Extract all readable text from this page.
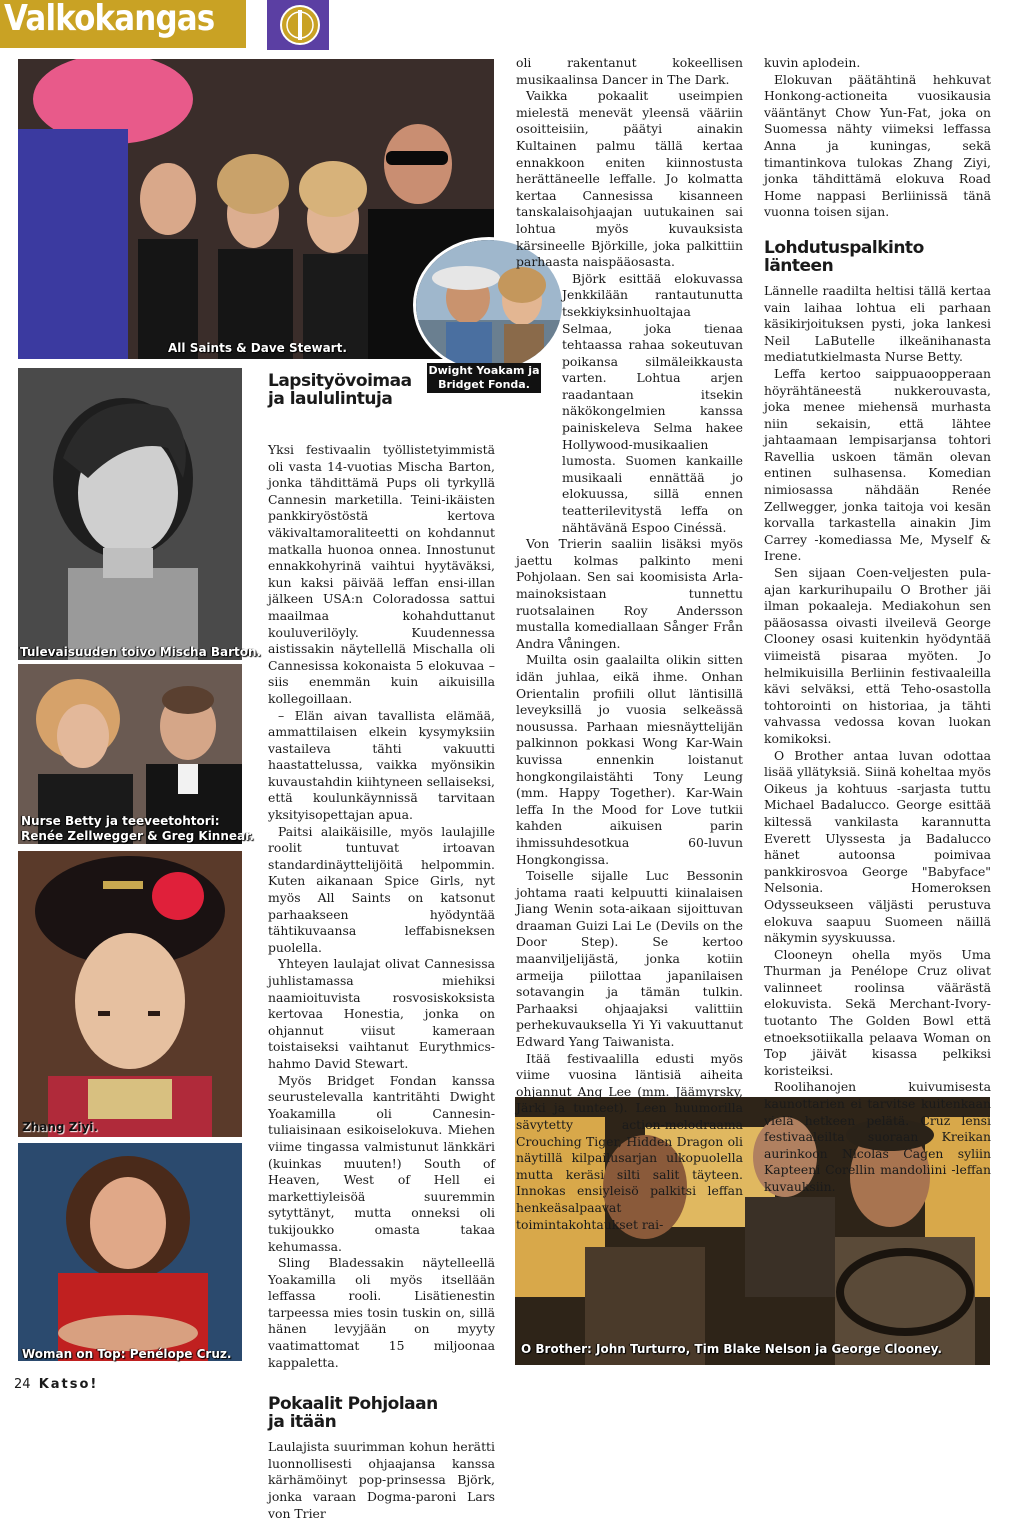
Valkokangas
All Saints & Dave Stewart.
Dwight Yoakam ja
Bridget Fonda.
Tulevaisuuden toivo Mischa Barton.
Nurse Betty ja teeveetohtori:
Renée Zellwegger & Greg Kinnear.
Zhang Ziyi.
Woman on Top: Penélope Cruz.	O Brother: John Turturro, Tim Blake Nelson ja George Clooney.
Lapsityövoimaa
ja laululintuja

Yksi festivaalin työllistetyimmistä oli vasta 14-vuotias Mischa Barton, jonka tähdittämä Pups oli tyrkyllä Cannesin marketilla. Teini-ikäisten pankkiryöstöstä kertova väkivaltamoraliteetti on kohdannut matkalla huonoa onnea. Innostunut ennakkohyrinä vaihtui hyytäväksi, kun kaksi päivää leffan ensi-illan jälkeen USA:n Coloradossa sattui maailmaa kohahduttanut kouluverilöyly. Kuudennessa aistissakin näytellellä Mischalla oli Cannesissa kokonaista 5 elokuvaa – siis enemmän kuin aikuisilla kollegoillaan.

– Elän aivan tavallista elämää, ammattilaisen elkein kysymyksiin vastaileva tähti vakuutti haastattelussa, vaikka myönsikin kuvaustahdin kiihtyneen sellaiseksi, että koulunkäynnissä tarvitaan yksityisopettajan apua.

Paitsi alaikäisille, myös laulajille roolit tuntuvat irtoavan standardinäyttelijöitä helpommin. Kuten aikanaan Spice Girls, nyt myös All Saints on katsonut parhaakseen hyödyntää tähtikuvaansa leffabisneksen puolella.

Yhteyen laulajat olivat Cannesissa juhlistamassa miehiksi naamioituvista rosvosiskoksista kertovaa Honestia, jonka on ohjannut viisut kameraan toistaiseksi vaihtanut Eurythmics-hahmo David Stewart.

Myös Bridget Fondan kanssa seurustelevalla kantritähti Dwight Yoakamilla oli Cannesin-tuliaisinaan esikoiselokuva. Miehen viime tingassa valmistunut länkkäri (kuinkas muuten!) South of Heaven, West of Hell ei markettiyleisöä suuremmin sytyttänyt, mutta onneksi oli tukijoukko omasta takaa kehumassa.

Sling Bladessakin näytelleellä Yoakamilla oli myös itsellään leffassa rooli. Lisätienestin tarpeessa mies tosin tuskin on, sillä hänen levyjään on myyty vaatimattomat 15 miljoonaa kappaletta.

Pokaalit Pohjolaan
ja itään

Laulajista suurimman kohun herätti luonnollisesti ohjaajansa kanssa kärhämöinyt pop-prinsessa Björk, jonka varaan Dogma-paroni Lars von Trier

oli rakentanut kokeellisen musikaalinsa Dancer in The Dark.

Vaikka pokaalit useimpien mielestä menevät yleensä vääriin osoitteisiin, päätyi ainakin Kultainen palmu tällä kertaa ennakkoon eniten kiinnostusta herättäneelle leffalle. Jo kolmatta kertaa Cannesissa kisanneen tanskalaisohjaajan uutukainen sai lohtua myös kuvauksista kärsineelle Björkille, joka palkittiin parhaasta naispääosasta.

Björk esittää elokuvassa Jenkkilään rantautunutta tsekkiyksinhuoltajaa Selmaa, joka tienaa tehtaassa rahaa sokeutuvan poikansa silmäleikkausta varten. Lohtua arjen raadantaan itsekin näkökongelmien kanssa painiskeleva Selma hakee Hollywood-musikaalien lumosta. Suomen kankaille musikaali ennättää jo elokuussa, sillä ennen teatterilevitystä leffa on nähtävänä Espoo Cinéssä.

Von Trierin saaliin lisäksi myös jaettu kolmas palkinto meni Pohjolaan. Sen sai koomisista Arla-mainoksistaan tunnettu ruotsalainen Roy Andersson mustalla komediallaan Sånger Från Andra Våningen.

Muilta osin gaalailta olikin sitten idän juhlaa, eikä ihme. Onhan Orientalin profiili ollut läntisillä leveyksillä jo vuosia selkeässä nousussa. Parhaan miesnäyttelijän palkinnon pokkasi Wong Kar-Wain kuvissa ennenkin loistanut hongkongilaistähti Tony Leung (mm. Happy Together). Kar-Wain leffa In the Mood for Love tutkii kahden aikuisen parin ihmissuhdesotkua 60-luvun Hongkongissa.

Toiselle sijalle Luc Bessonin johtama raati kelpuutti kiinalaisen Jiang Wenin sota-aikaan sijoittuvan draaman Guizi Lai Le (Devils on the Door Step). Se kertoo maanviljelijästä, jonka kotiin armeija piilottaa japanilaisen sotavangin ja tämän tulkin. Parhaaksi ohjaajaksi valittiin perhekuvauksella Yi Yi vakuuttanut Edward Yang Taiwanista.

Itää festivaalilla edusti myös viime vuosina läntisiä aiheita ohjannut Ang Lee (mm. Jäämyrsky, Järki ja tunteet). Leen huumorilla sävytetty action-melodraama Crouching Tiger, Hidden Dragon oli näytillä kilpailusarjan ulkopuolella mutta keräsi silti salit täyteen. Innokas ensiyleisö palkitsi leffan henkeäsalpaavat toimintakohtaukset rai-

kuvin aplodein.

Elokuvan päätähtinä hehkuvat Honkong-actioneita vuosikausia vääntänyt Chow Yun-Fat, joka on Suomessa nähty viimeksi leffassa Anna ja kuningas, sekä timantinkova tulokas Zhang Ziyi, jonka tähdittämä elokuva Road Home nappasi Berliinissä tänä vuonna toisen sijan.

Lohdutuspalkinto länteen

Lännelle raadilta heltisi tällä kertaa vain laihaa lohtua eli parhaan käsikirjoituksen pysti, joka lankesi Neil LaButelle ilkeänihanasta mediatutkielmasta Nurse Betty.

Leffa kertoo saippuaoopperaan höyrähtäneestä nukkerouvasta, joka menee miehensä murhasta niin sekaisin, että lähtee jahtaamaan lempisarjansa tohtori Ravellia uskoen tämän olevan entinen sulhasensa. Komedian nimiosassa nähdään Renée Zellwegger, jonka taitoja voi kesän korvalla tarkastella ainakin Jim Carrey -komediassa Me, Myself & Irene.

Sen sijaan Coen-veljesten pula-ajan karkurihupailu O Brother jäi ilman pokaaleja. Mediakohun sen pääosassa oivasti ilveilevä George Clooney osasi kuitenkin hyödyntää viimeistä pisaraa myöten. Jo helmikuisilla Berliinin festivaaleilla kävi selväksi, että Teho-osastolla tohtorointi on historiaa, ja tähti vahvassa vedossa kovan luokan komikoksi.

O Brother antaa luvan odottaa lisää yllätyksiä. Siinä koheltaa myös Oikeus ja kohtuus -sarjasta tuttu Michael Badalucco. George esittää kiltessä vankilasta karannutta Everett Ulyssesta ja Badalucco hänet autoonsa poimivaa pankkirosvoa George "Babyface" Nelsonia. Homeroksen Odysseukseen väljästi perustuva elokuva saapuu Suomeen näillä näkymin syyskuussa.

Clooneyn ohella myös Uma Thurman ja Penélope Cruz olivat valinneet roolinsa väärästä elokuvista. Sekä Merchant-Ivory-tuotanto The Golden Bowl että etnoeksotiikalla pelaava Woman on Top jäivät kisassa pelkiksi koristeiksi.

Roolihanojen kuivumisesta kaunottarien ei tarvitse kuitenkaan vielä hetkeen pelätä. Cruz lensi festivaaleilta suoraan Kreikan aurinkoon Nicolas Cagen syliin Kapteeni Corellin mandoliini -leffan kuvauksiin.

24 Katso!
